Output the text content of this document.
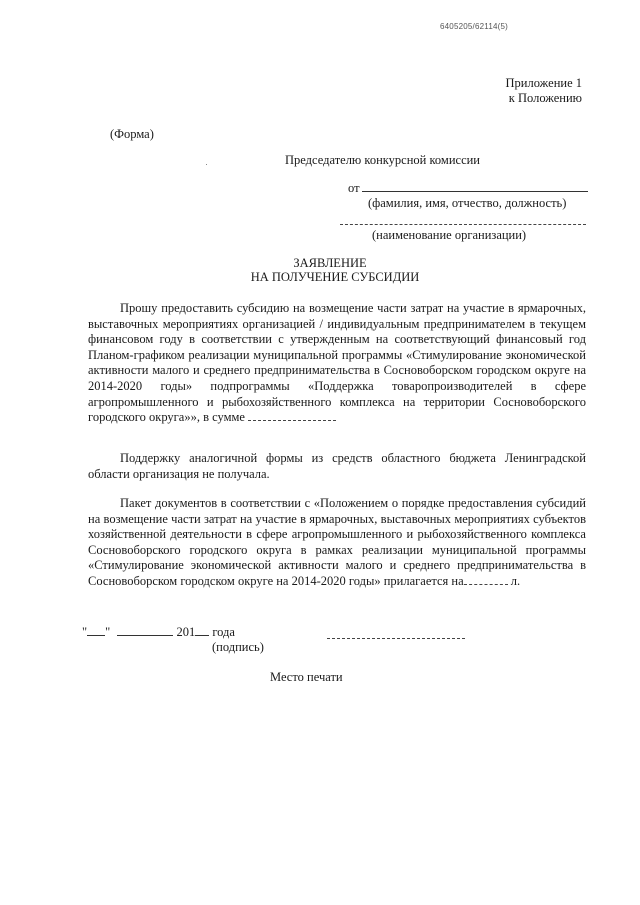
6405205/62114(5)
Приложение 1
к Положению
(Форма)
Председателю конкурсной комиссии
от
(фамилия, имя, отчество, должность)
(наименование организации)
ЗАЯВЛЕНИЕ
НА ПОЛУЧЕНИЕ СУБСИДИИ

Прошу предоставить субсидию на возмещение части затрат на участие в ярмарочных, выставочных мероприятиях организацией / индивидуальным предпринимателем в текущем финансовом году в соответствии с утвержденным на соответствующий финансовый год Планом-графиком реализации муниципальной программы «Стимулирование экономической активности малого и среднего предпринимательства в Сосновоборском городском округе на 2014-2020 годы» подпрограммы «Поддержка товаропроизводителей в сфере агропромышленного и рыбохозяйственного комплекса на территории Сосновоборского городского округа»», в сумме

Поддержку аналогичной формы из средств областного бюджета Ленинградской области организация не получала.

Пакет документов в соответствии с «Положением о порядке предоставления субсидий на возмещение части затрат на участие в ярмарочных, выставочных мероприятиях субъектов хозяйственной деятельности в сфере агропромышленного и рыбохозяйственного комплекса Сосновоборского городского округа в рамках реализации муниципальной программы «Стимулирование экономической активности малого и среднего предпринимательства в Сосновоборском городском округе на 2014-2020 годы» прилагается на	л.

" "	201 года
(подпись)
Место печати
